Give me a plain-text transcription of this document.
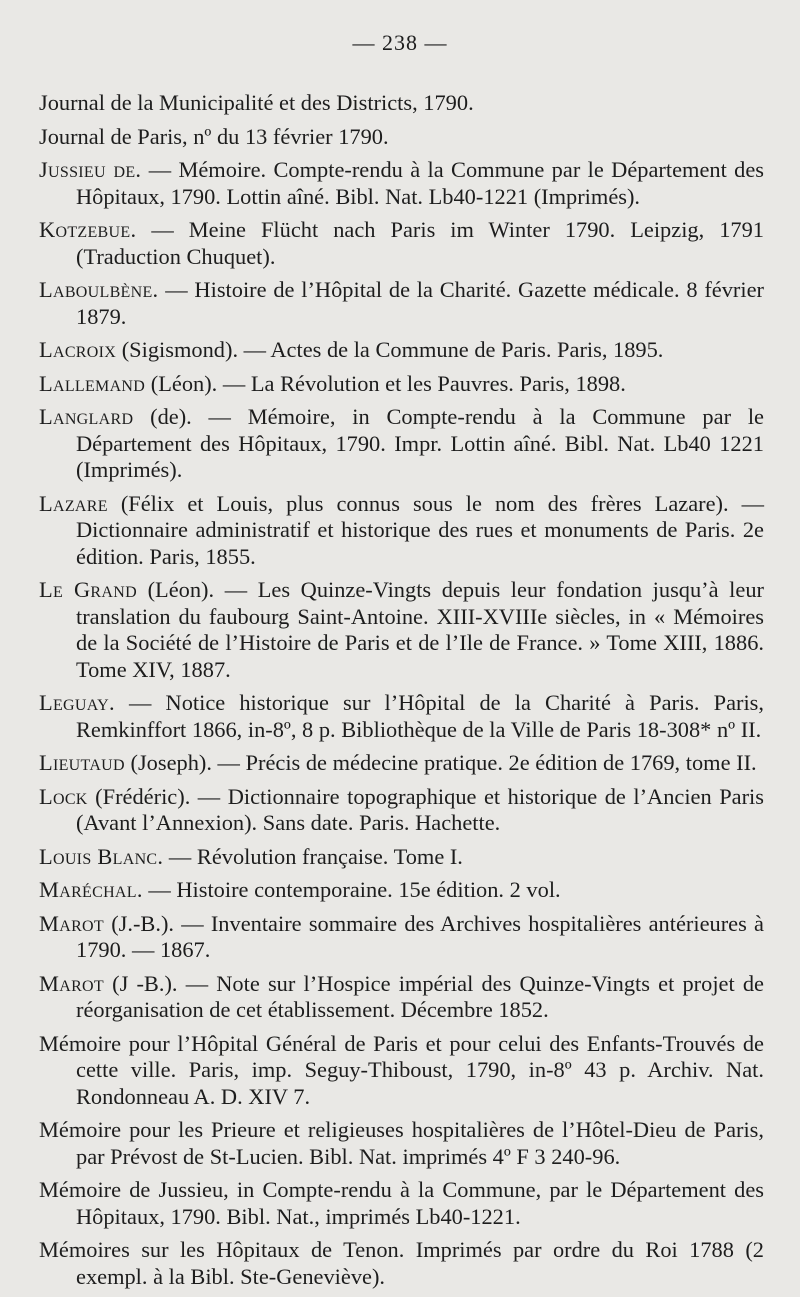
— 238 —

Journal de la Municipalité et des Districts, 1790.

Journal de Paris, nº du 13 février 1790.

Jussieu de. — Mémoire. Compte-rendu à la Commune par le Département des Hôpitaux, 1790. Lottin aîné. Bibl. Nat. Lb40-1221 (Imprimés).

Kotzebue. — Meine Flücht nach Paris im Winter 1790. Leipzig, 1791 (Traduction Chuquet).

Laboulbène. — Histoire de l’Hôpital de la Charité. Gazette médicale. 8 février 1879.

Lacroix (Sigismond). — Actes de la Commune de Paris. Paris, 1895.

Lallemand (Léon). — La Révolution et les Pauvres. Paris, 1898.

Langlard (de). — Mémoire, in Compte-rendu à la Commune par le Département des Hôpitaux, 1790. Impr. Lottin aîné. Bibl. Nat. Lb40 1221 (Imprimés).

Lazare (Félix et Louis, plus connus sous le nom des frères Lazare). — Dictionnaire administratif et historique des rues et monuments de Paris. 2e édition. Paris, 1855.

Le Grand (Léon). — Les Quinze-Vingts depuis leur fondation jusqu’à leur translation du faubourg Saint-Antoine. XIII-XVIIIe siècles, in « Mémoires de la Société de l’Histoire de Paris et de l’Ile de France. » Tome XIII, 1886. Tome XIV, 1887.

Leguay. — Notice historique sur l’Hôpital de la Charité à Paris. Paris, Remkinffort 1866, in-8º, 8 p. Bibliothèque de la Ville de Paris 18-308* nº II.

Lieutaud (Joseph). — Précis de médecine pratique. 2e édition de 1769, tome II.

Lock (Frédéric). — Dictionnaire topographique et historique de l’Ancien Paris (Avant l’Annexion). Sans date. Paris. Hachette.

Louis Blanc. — Révolution française. Tome I.

Maréchal. — Histoire contemporaine. 15e édition. 2 vol.

Marot (J.-B.). — Inventaire sommaire des Archives hospitalières antérieures à 1790. — 1867.

Marot (J -B.). — Note sur l’Hospice impérial des Quinze-Vingts et projet de réorganisation de cet établissement. Décembre 1852.

Mémoire pour l’Hôpital Général de Paris et pour celui des Enfants-Trouvés de cette ville. Paris, imp. Seguy-Thiboust, 1790, in-8º 43 p. Archiv. Nat. Rondonneau A. D. XIV 7.

Mémoire pour les Prieure et religieuses hospitalières de l’Hôtel-Dieu de Paris, par Prévost de St-Lucien. Bibl. Nat. imprimés 4º F 3 240-96.

Mémoire de Jussieu, in Compte-rendu à la Commune, par le Département des Hôpitaux, 1790. Bibl. Nat., imprimés Lb40-1221.

Mémoires sur les Hôpitaux de Tenon. Imprimés par ordre du Roi 1788 (2 exempl. à la Bibl. Ste-Geneviève).
